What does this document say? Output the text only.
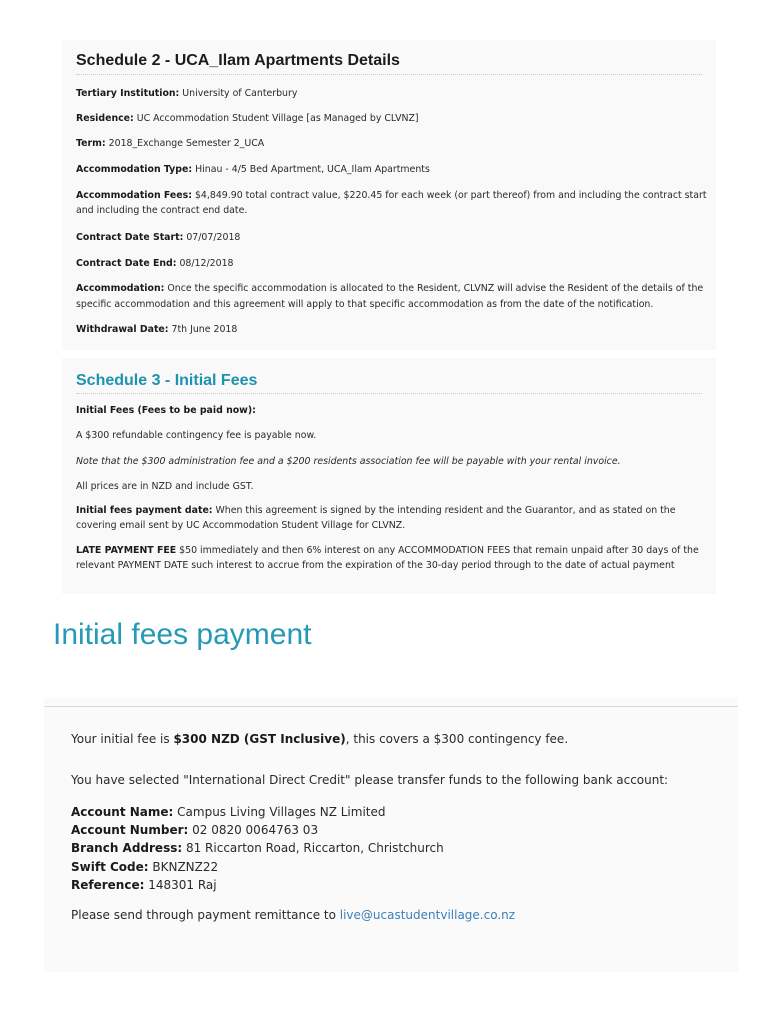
Schedule 2 - UCA_Ilam Apartments Details
Tertiary Institution: University of Canterbury
Residence: UC Accommodation Student Village [as Managed by CLVNZ]
Term: 2018_Exchange Semester 2_UCA
Accommodation Type: Hinau - 4/5 Bed Apartment, UCA_Ilam Apartments
Accommodation Fees: $4,849.90 total contract value, $220.45 for each week (or part thereof) from and including the contract start
and including the contract end date.
Contract Date Start: 07/07/2018
Contract Date End: 08/12/2018
Accommodation: Once the specific accommodation is allocated to the Resident, CLVNZ will advise the Resident of the details of the
specific accommodation and this agreement will apply to that specific accommodation as from the date of the notification.
Withdrawal Date: 7th June 2018
Schedule 3 - Initial Fees
Initial Fees (Fees to be paid now):
A $300 refundable contingency fee is payable now.
Note that the $300 administration fee and a $200 residents association fee will be payable with your rental invoice.
All prices are in NZD and include GST.
Initial fees payment date: When this agreement is signed by the intending resident and the Guarantor, and as stated on the
covering email sent by UC Accommodation Student Village for CLVNZ.
LATE PAYMENT FEE $50 immediately and then 6% interest on any ACCOMMODATION FEES that remain unpaid after 30 days of the
relevant PAYMENT DATE such interest to accrue from the expiration of the 30-day period through to the date of actual payment
Initial fees payment
Your initial fee is $300 NZD (GST Inclusive), this covers a $300 contingency fee.
You have selected "International Direct Credit" please transfer funds to the following bank account:
Account Name: Campus Living Villages NZ Limited
Account Number: 02 0820 0064763 03
Branch Address: 81 Riccarton Road, Riccarton, Christchurch
Swift Code: BKNZNZ22
Reference: 148301 Raj
Please send through payment remittance to live@ucastudentvillage.co.nz
